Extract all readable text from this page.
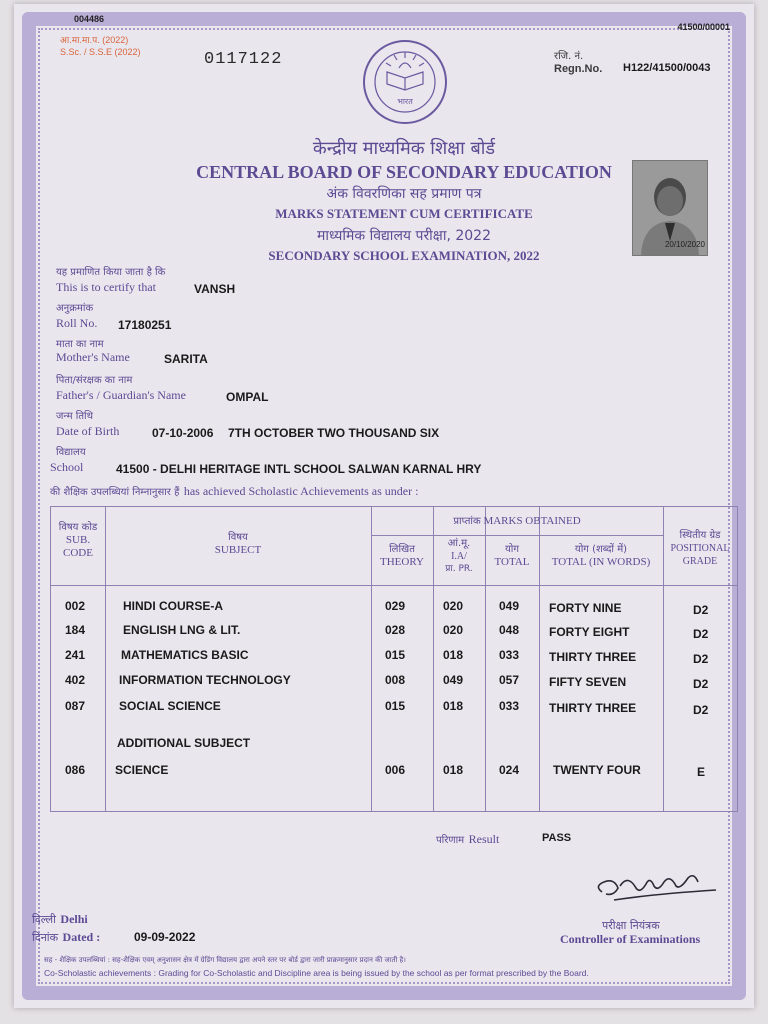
004486
41500/00001
आ.मा.मा.प. (2022)
S.Sc. / S.S.E (2022)	0117122	रजि. नं.
Regn.No. H122/41500/0043
भारत
केन्द्रीय माध्यमिक शिक्षा बोर्ड
CENTRAL BOARD OF SECONDARY EDUCATION
अंक विवरणिका सह प्रमाण पत्र
MARKS STATEMENT CUM CERTIFICATE
माध्यमिक विद्यालय परीक्षा, 2022
SECONDARY SCHOOL EXAMINATION, 2022
20/10/2020
यह प्रमाणित किया जाता है कि
This is to certify that	VANSH
अनुक्रमांक
Roll No. 17180251
माता का नाम
Mother's Name	SARITA
पिता/संरक्षक का नाम
Father's / Guardian's Name	OMPAL
जन्म तिथि
Date of Birth	07-10-2006 7TH OCTOBER TWO THOUSAND SIX
विद्यालय
School	41500 - DELHI HERITAGE INTL SCHOOL SALWAN KARNAL HRY
की शैक्षिक उपलब्धियां निम्नानुसार हैं has achieved Scholastic Achievements as under :
विषय कोड
SUB.
CODE
विषय
SUBJECT
प्राप्तांक MARKS OBTAINED
लिखित
THEORY
आं.मू.
I.A/
प्रा. PR.
योग
TOTAL
योग (शब्दों में)
TOTAL (IN WORDS)
स्थितीय ग्रेड
POSITIONAL
GRADE
002	HINDI COURSE-A	029	020	049 FORTY NINE	D2
184	ENGLISH LNG & LIT.	028	020	048 FORTY EIGHT	D2
241	MATHEMATICS BASIC	015	018	033 THIRTY THREE	D2
402	INFORMATION TECHNOLOGY	008	049	057 FIFTY SEVEN	D2
087	SOCIAL SCIENCE	015	018	033 THIRTY THREE	D2
ADDITIONAL SUBJECT
086 SCIENCE	006	018	024	TWENTY FOUR	E
परिणाम Result	PASS
परीक्षा नियंत्रक
Controller of Examinations
दिल्ली Delhi
दिनांक Dated :	09-09-2022
सह - शैक्षिक उपलब्धियां : सह-शैक्षिक एवम् अनुशासन क्षेत्र में ग्रेडिंग विद्यालय द्वारा अपने स्तर पर बोर्ड द्वारा जारी प्राक्रमानुसार प्रदान की जाती है।
Co-Scholastic achievements : Grading for Co-Scholastic and Discipline area is being issued by the school as per format prescribed by the Board.
